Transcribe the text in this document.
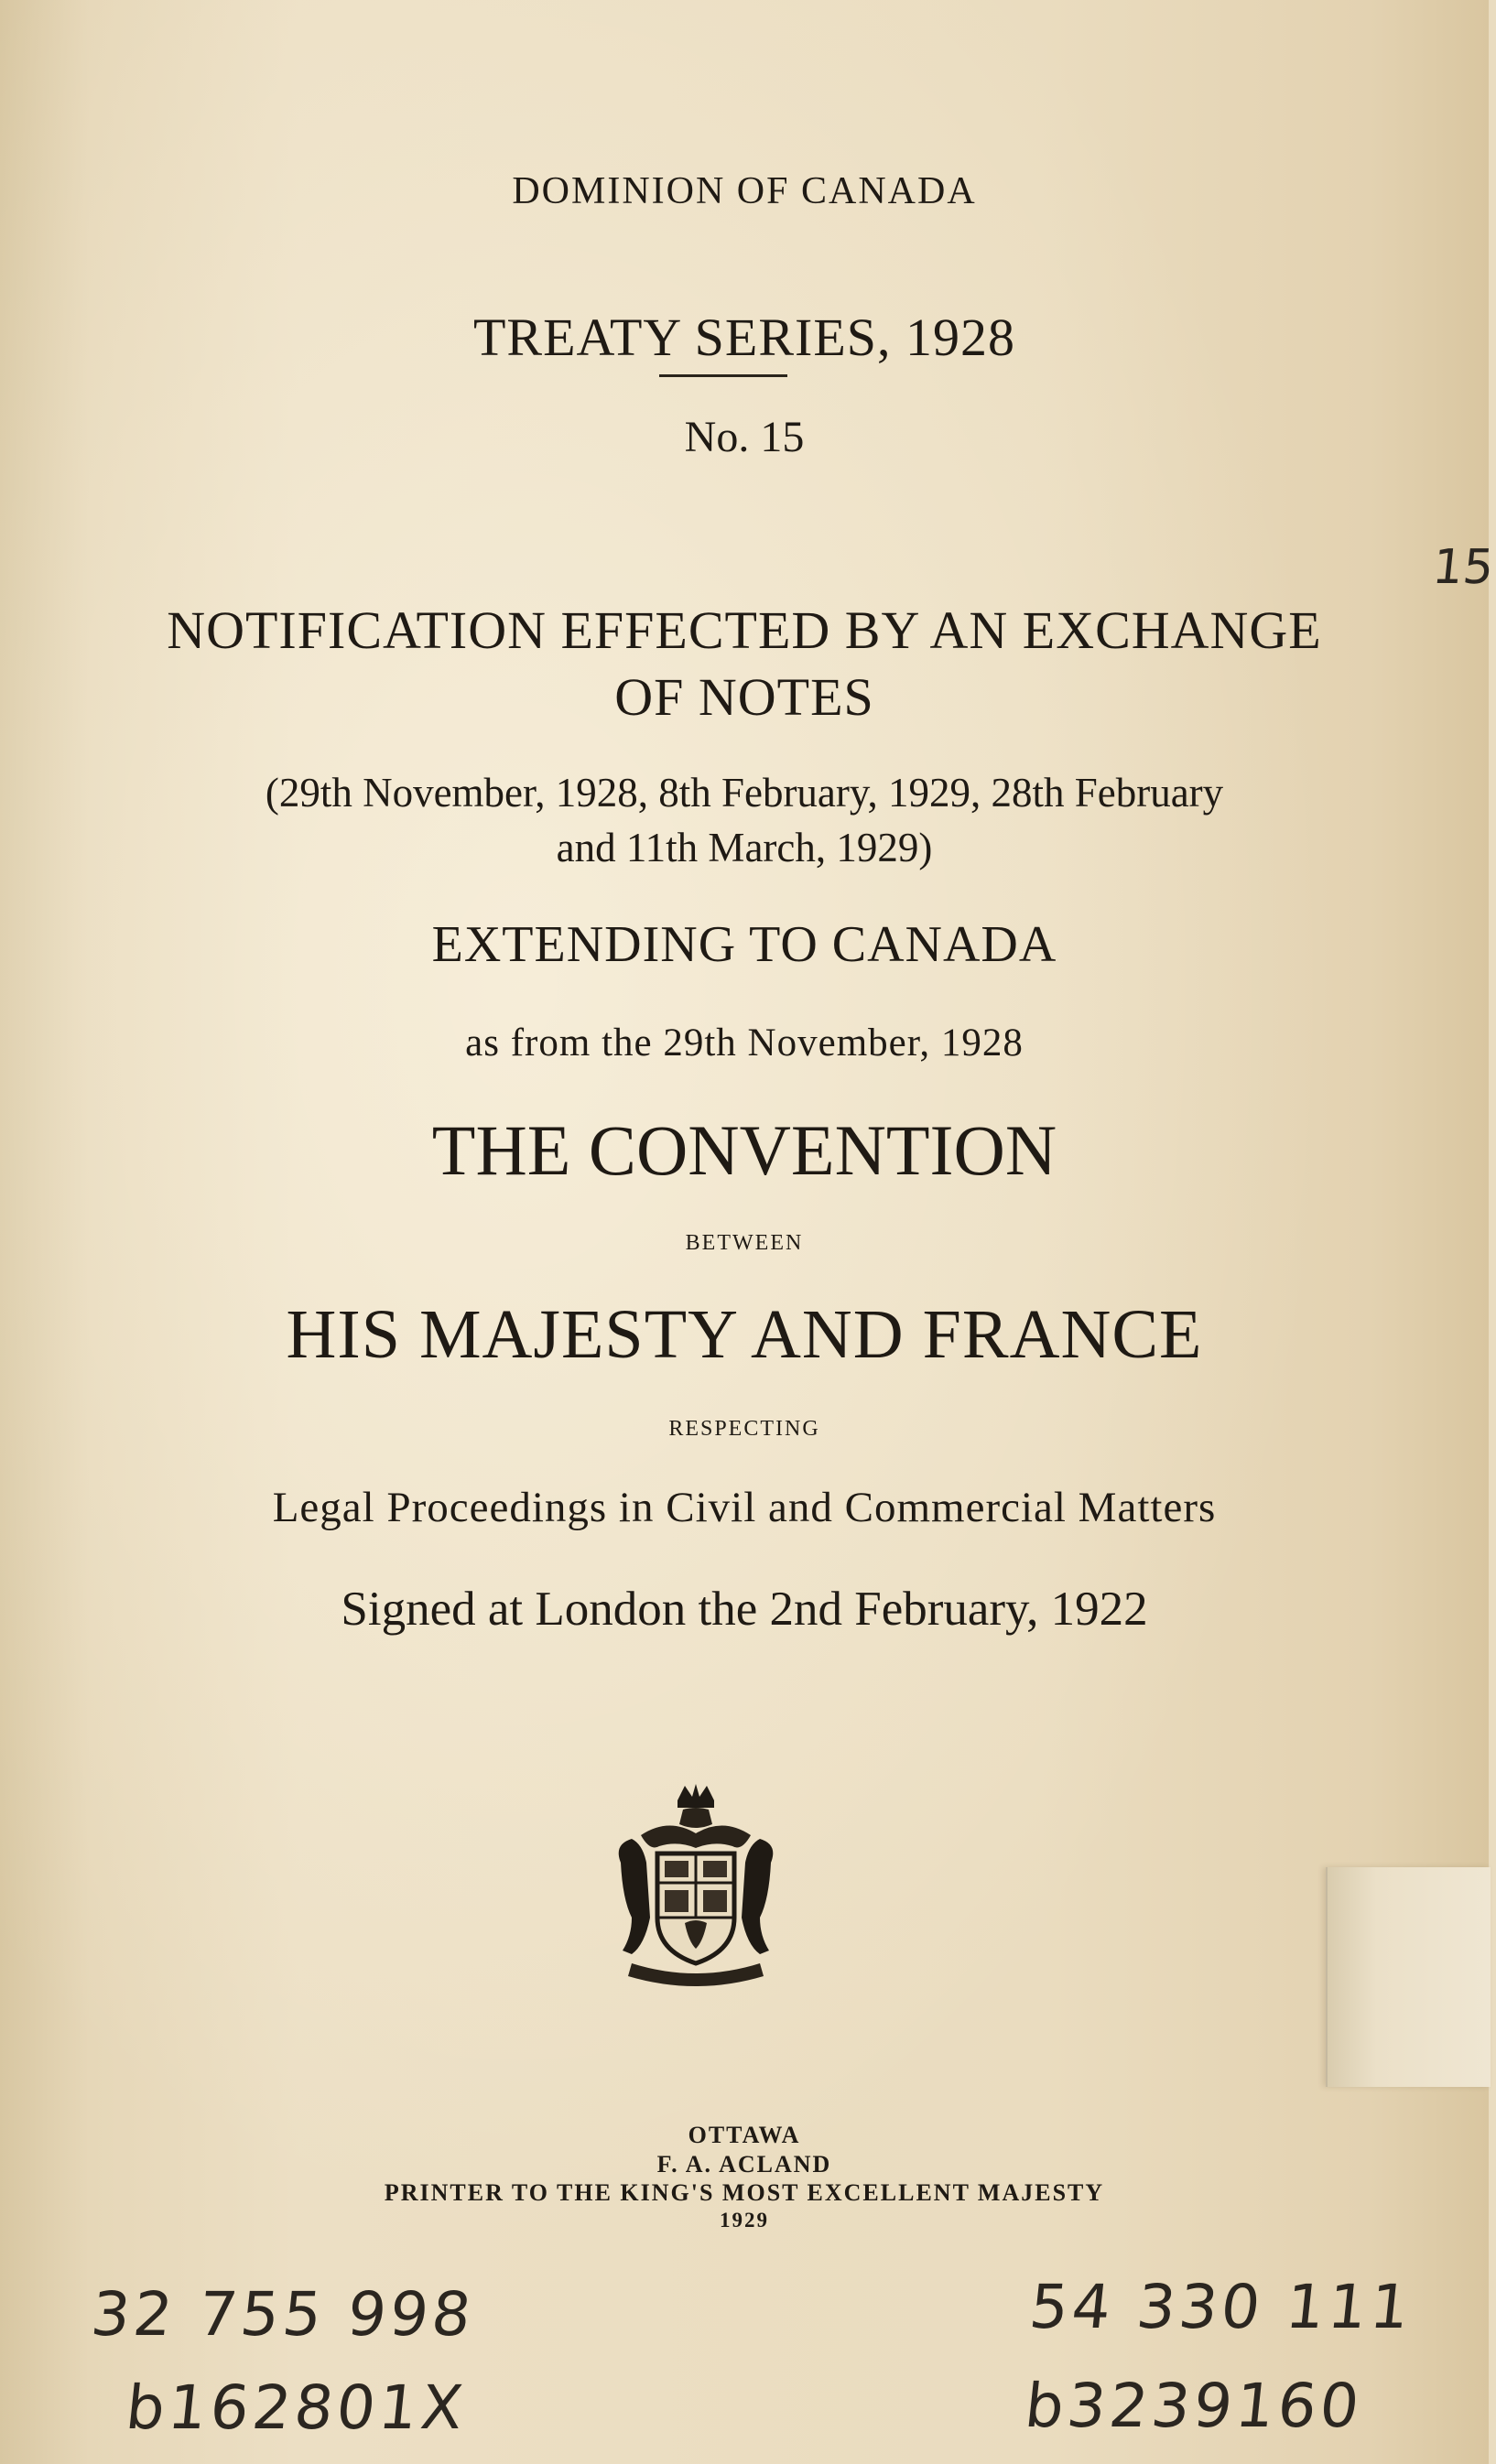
DOMINION OF CANADA
TREATY SERIES, 1928
No. 15
NOTIFICATION EFFECTED BY AN EXCHANGE
OF NOTES
(29th November, 1928, 8th February, 1929, 28th February
and 11th March, 1929)
EXTENDING TO CANADA
as from the 29th November, 1928
THE CONVENTION
BETWEEN
HIS MAJESTY AND FRANCE
RESPECTING
Legal Proceedings in Civil and Commercial Matters
Signed at London the 2nd February, 1922
OTTAWA
F. A. ACLAND
PRINTER TO THE KING'S MOST EXCELLENT MAJESTY
1929
15
32 755 998
b162801X
54 330 111
b3239160
